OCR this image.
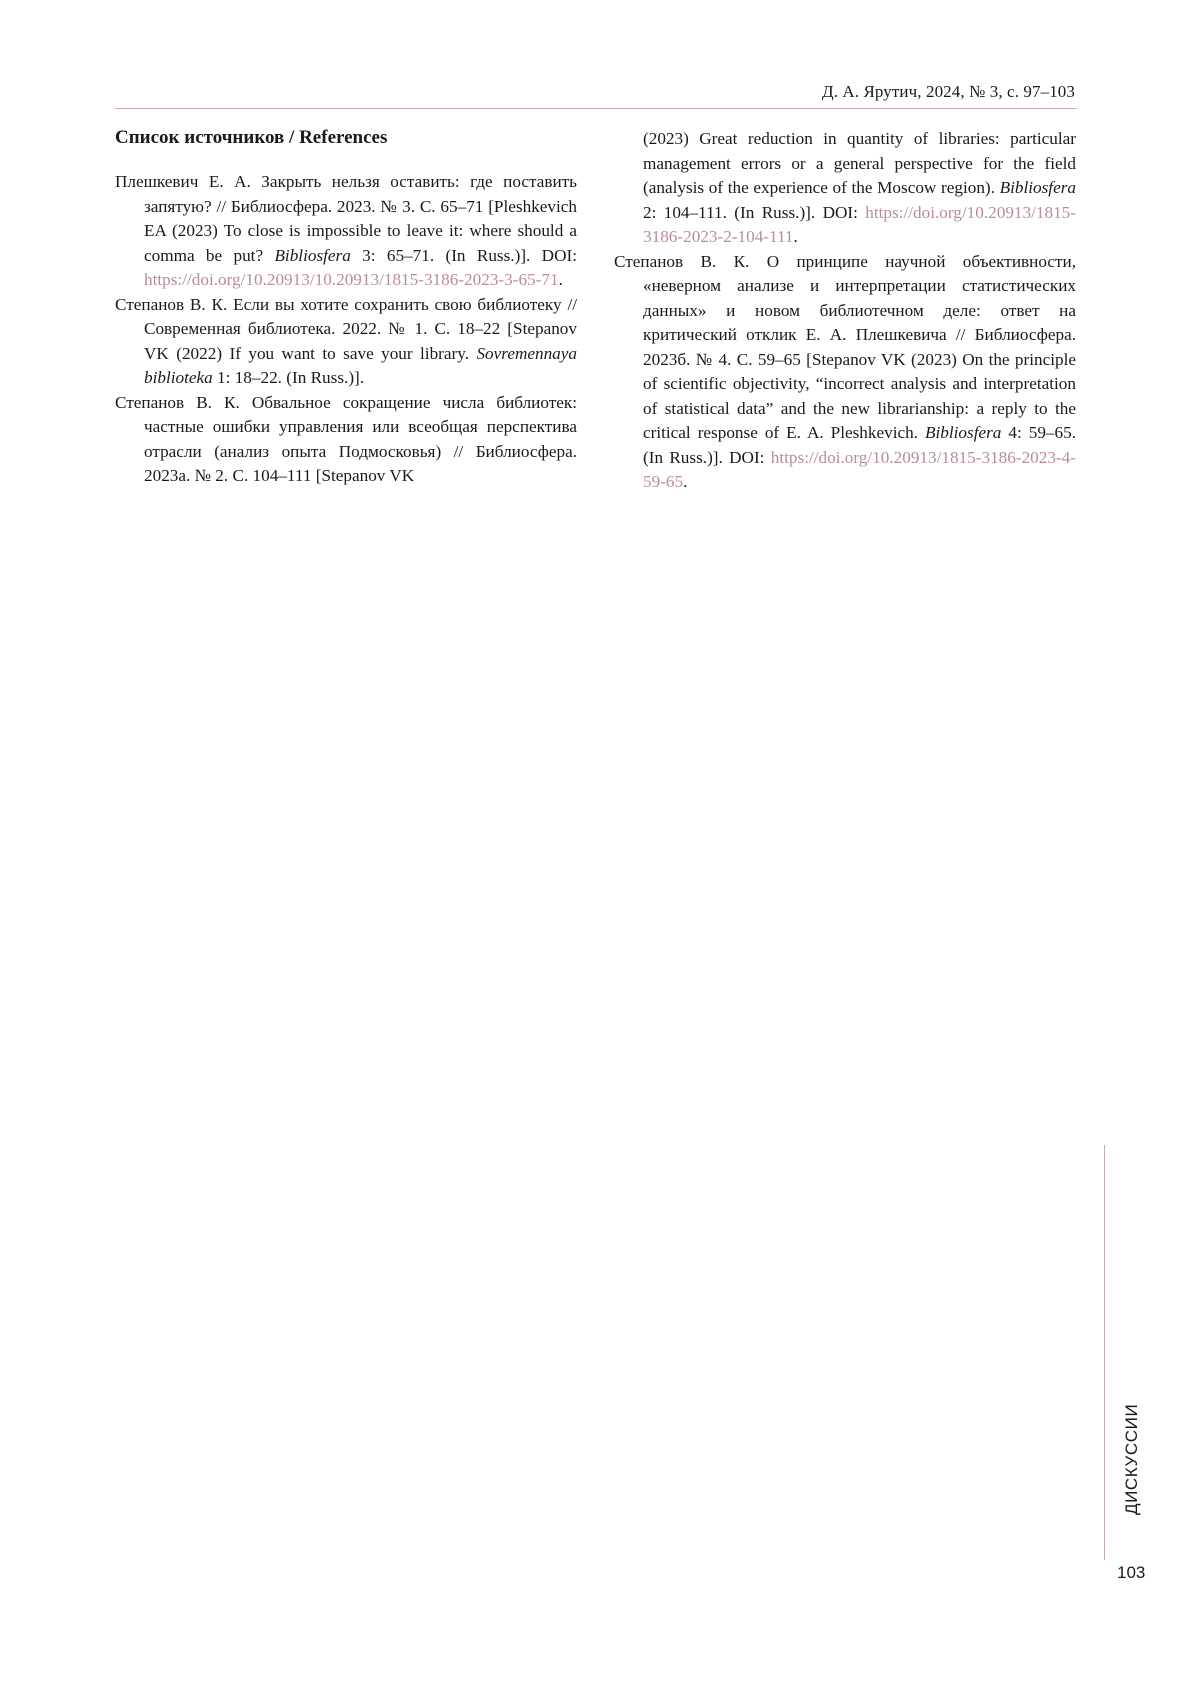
Д. А. Ярутич, 2024, № 3, с. 97–103
Список источников / References

Плешкевич Е. А. Закрыть нельзя оставить: где поставить запятую? // Библиосфера. 2023. № 3. С. 65–71 [Pleshkevich EA (2023) To close is impossible to leave it: where should a comma be put? Bibliosfera 3: 65–71. (In Russ.)]. DOI: https://doi.org/10.20913/10.20913/1815-3186-2023-3-65-71.

Степанов В. К. Если вы хотите сохранить свою библиотеку // Современная библиотека. 2022. № 1. С. 18–22 [Stepanov VK (2022) If you want to save your library. Sovremennaya biblioteka 1: 18–22. (In Russ.)].

Степанов В. К. Обвальное сокращение числа библиотек: частные ошибки управления или всеобщая перспектива отрасли (анализ опыта Подмосковья) // Библиосфера. 2023а. № 2. С. 104–111 [Stepanov VK

(2023) Great reduction in quantity of libraries: particular management errors or a general perspective for the field (analysis of the experience of the Moscow region). Bibliosfera 2: 104–111. (In Russ.)]. DOI: https://doi.org/10.20913/1815-3186-2023-2-104-111.

Степанов В. К. О принципе научной объективности, «неверном анализе и интерпретации статистических данных» и новом библиотечном деле: ответ на критический отклик Е. А. Плешкевича // Библиосфера. 2023б. № 4. С. 59–65 [Stepanov VK (2023) On the principle of scientific objectivity, “incorrect analysis and interpretation of statistical data” and the new librarianship: a reply to the critical response of E. A. Pleshkevich. Bibliosfera 4: 59–65. (In Russ.)]. DOI: https://doi.org/10.20913/1815-3186-2023-4-59-65.

ДИСКУССИИ
103
